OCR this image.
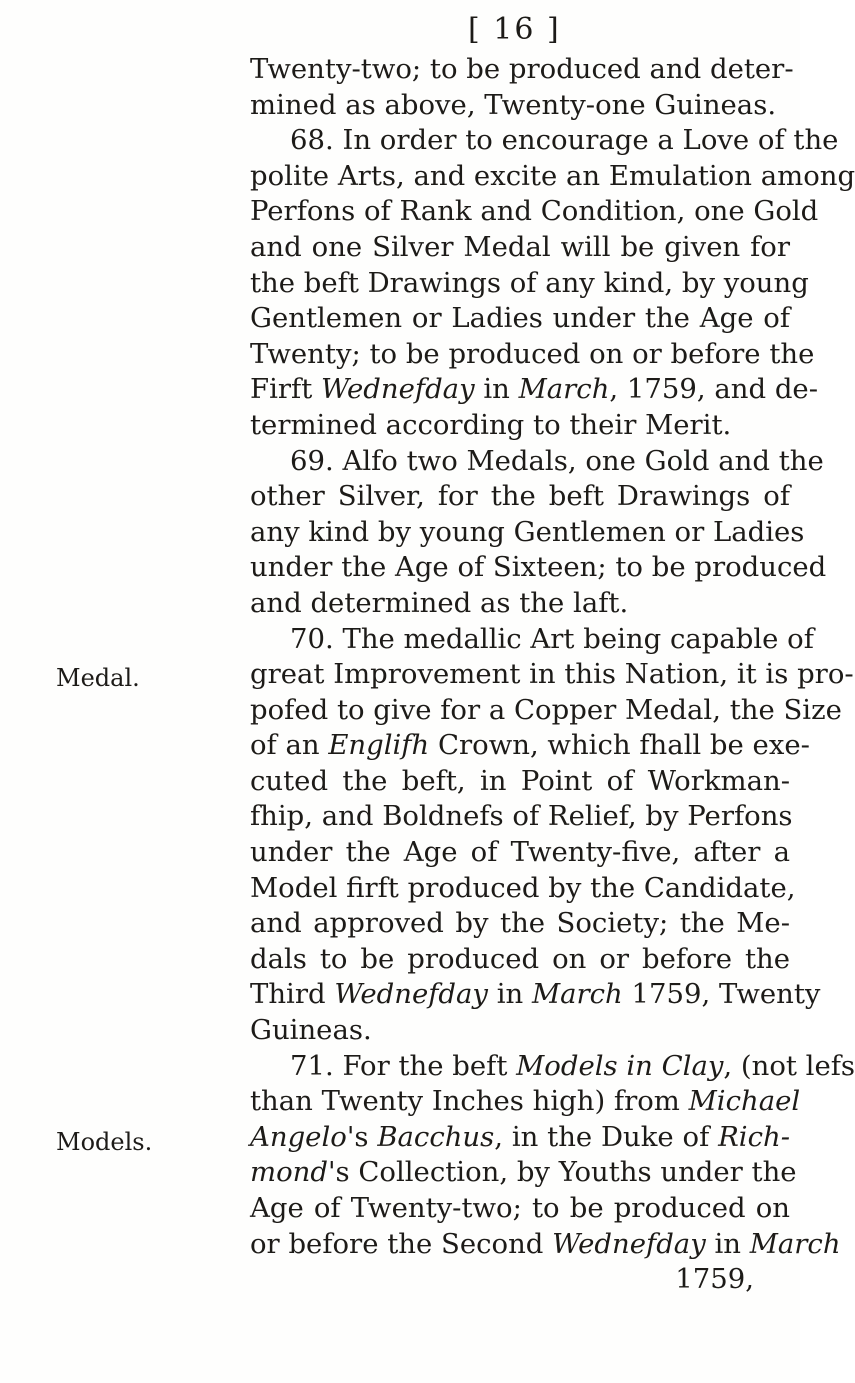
[ 16 ]
Medal.
Models.
Twenty-two; to be produced and deter-
mined as above, Twenty-one Guineas.
68. In order to encourage a Love of the
polite Arts, and excite an Emulation among
Perfons of Rank and Condition, one Gold
and one Silver Medal will be given for
the beft Drawings of any kind, by young
Gentlemen or Ladies under the Age of
Twenty; to be produced on or before the
Firft Wednefday in March, 1759, and de-
termined according to their Merit.
69. Alfo two Medals, one Gold and the
other Silver, for the beft Drawings of
any kind by young Gentlemen or Ladies
under the Age of Sixteen; to be produced
and determined as the laft.
70. The medallic Art being capable of
great Improvement in this Nation, it is pro-
pofed to give for a Copper Medal, the Size
of an Englifh Crown, which fhall be exe-
cuted the beft, in Point of Workman-
fhip, and Boldnefs of Relief, by Perfons
under the Age of Twenty-five, after a
Model firft produced by the Candidate,
and approved by the Society; the Me-
dals to be produced on or before the
Third Wednefday in March 1759, Twenty
Guineas.
71. For the beft Models in Clay, (not lefs
than Twenty Inches high) from Michael
Angelo's Bacchus, in the Duke of Rich-
mond's Collection, by Youths under the
Age of Twenty-two; to be produced on
or before the Second Wednefday in March
1759,
